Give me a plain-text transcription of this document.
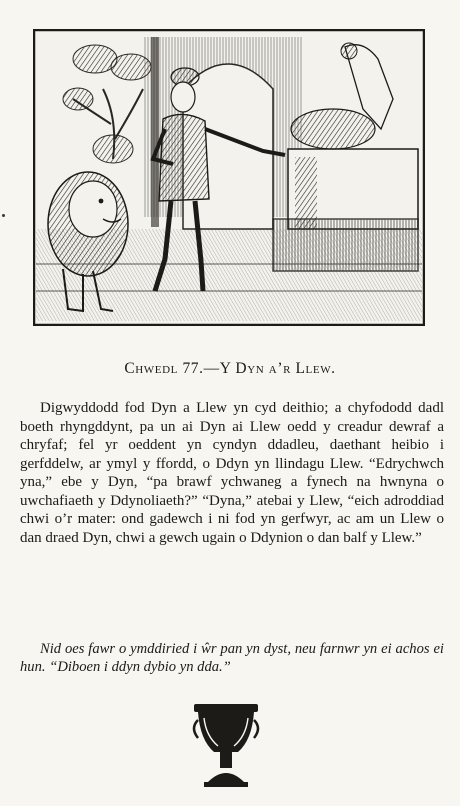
Chwedl 77.—Y Dyn a’r Llew.

Digwyddodd fod Dyn a Llew yn cyd deithio; a chyfododd dadl boeth rhyngddynt, pa un ai Dyn ai Llew oedd y creadur dewraf a chryfaf; fel yr oeddent yn cyndyn ddadleu, daethant heibio i gerfddelw, ar ymyl y ffordd, o Ddyn yn llindagu Llew. “Edrychwch yna,” ebe y Dyn, “pa brawf ychwaneg a fynech na hwnyna o uwchafiaeth y Ddynoliaeth?” “Dyna,” atebai y Llew, “eich adroddiad chwi o’r mater: ond gadewch i ni fod yn gerfwyr, ac am un Llew o dan draed Dyn, chwi a gewch ugain o Ddynion o dan balf y Llew.”

Nid oes fawr o ymddiried i ŵr pan yn dyst, neu farnwr yn ei achos ei hun. “Diboen i ddyn dybio yn dda.”
